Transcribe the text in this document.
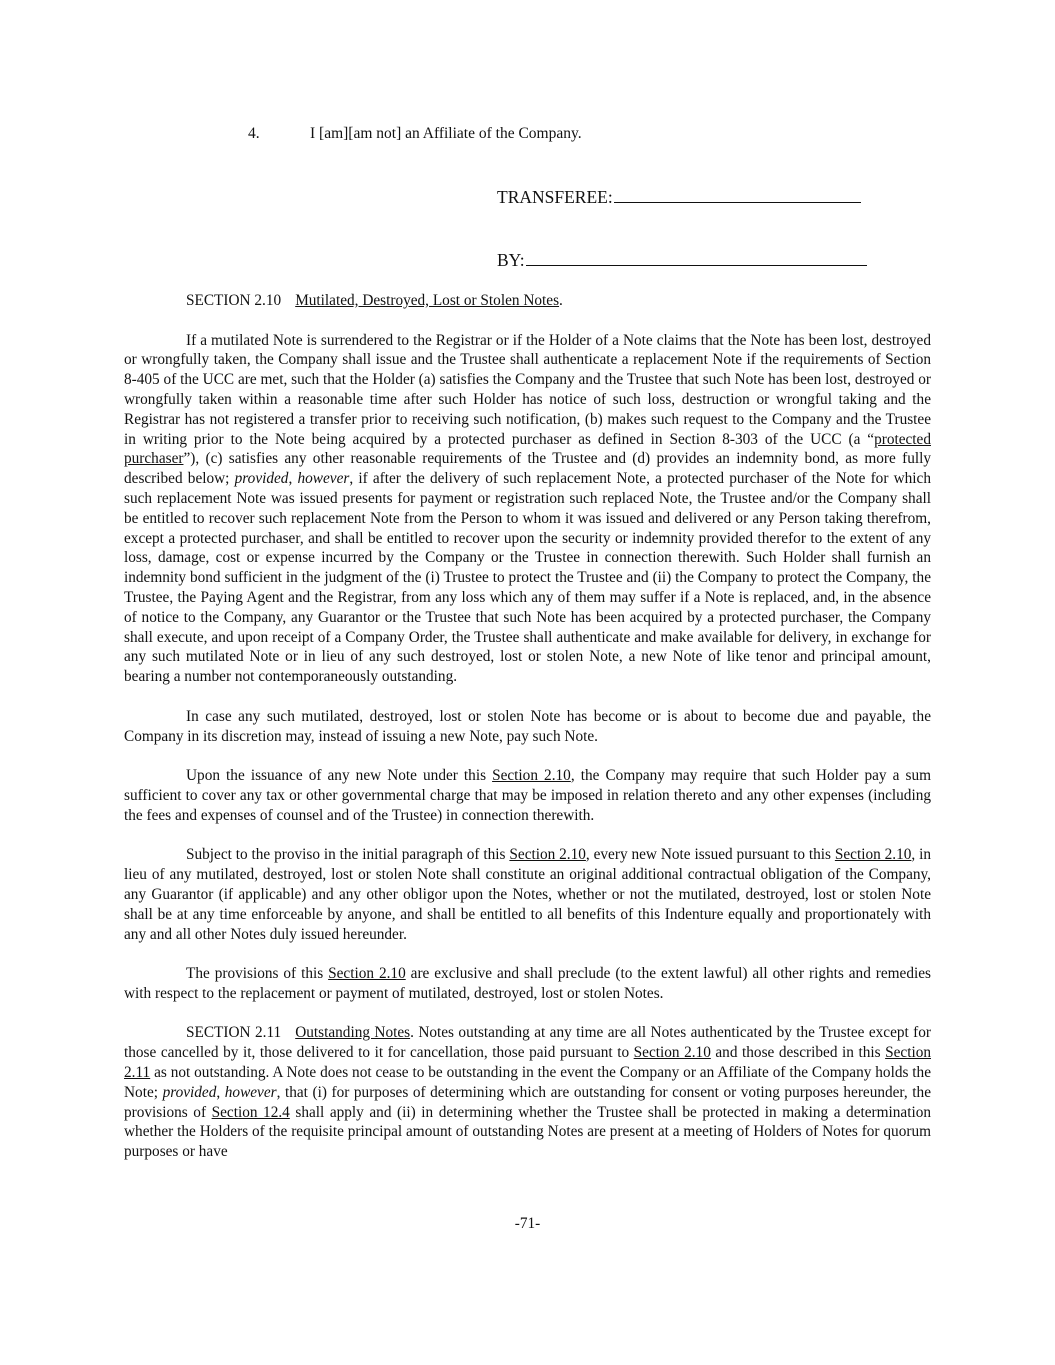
4.	I [am][am not] an Affiliate of the Company.
TRANSFEREE:
BY:

SECTION 2.10 Mutilated, Destroyed, Lost or Stolen Notes.

If a mutilated Note is surrendered to the Registrar or if the Holder of a Note claims that the Note has been lost, destroyed or wrongfully taken, the Company shall issue and the Trustee shall authenticate a replacement Note if the requirements of Section 8-405 of the UCC are met, such that the Holder (a) satisfies the Company and the Trustee that such Note has been lost, destroyed or wrongfully taken within a reasonable time after such Holder has notice of such loss, destruction or wrongful taking and the Registrar has not registered a transfer prior to receiving such notification, (b) makes such request to the Company and the Trustee in writing prior to the Note being acquired by a protected purchaser as defined in Section 8-303 of the UCC (a “protected purchaser”), (c) satisfies any other reasonable requirements of the Trustee and (d) provides an indemnity bond, as more fully described below; provided, however, if after the delivery of such replacement Note, a protected purchaser of the Note for which such replacement Note was issued presents for payment or registration such replaced Note, the Trustee and/or the Company shall be entitled to recover such replacement Note from the Person to whom it was issued and delivered or any Person taking therefrom, except a protected purchaser, and shall be entitled to recover upon the security or indemnity provided therefor to the extent of any loss, damage, cost or expense incurred by the Company or the Trustee in connection therewith. Such Holder shall furnish an indemnity bond sufficient in the judgment of the (i) Trustee to protect the Trustee and (ii) the Company to protect the Company, the Trustee, the Paying Agent and the Registrar, from any loss which any of them may suffer if a Note is replaced, and, in the absence of notice to the Company, any Guarantor or the Trustee that such Note has been acquired by a protected purchaser, the Company shall execute, and upon receipt of a Company Order, the Trustee shall authenticate and make available for delivery, in exchange for any such mutilated Note or in lieu of any such destroyed, lost or stolen Note, a new Note of like tenor and principal amount, bearing a number not contemporaneously outstanding.

In case any such mutilated, destroyed, lost or stolen Note has become or is about to become due and payable, the Company in its discretion may, instead of issuing a new Note, pay such Note.

Upon the issuance of any new Note under this Section 2.10, the Company may require that such Holder pay a sum sufficient to cover any tax or other governmental charge that may be imposed in relation thereto and any other expenses (including the fees and expenses of counsel and of the Trustee) in connection therewith.

Subject to the proviso in the initial paragraph of this Section 2.10, every new Note issued pursuant to this Section 2.10, in lieu of any mutilated, destroyed, lost or stolen Note shall constitute an original additional contractual obligation of the Company, any Guarantor (if applicable) and any other obligor upon the Notes, whether or not the mutilated, destroyed, lost or stolen Note shall be at any time enforceable by anyone, and shall be entitled to all benefits of this Indenture equally and proportionately with any and all other Notes duly issued hereunder.

The provisions of this Section 2.10 are exclusive and shall preclude (to the extent lawful) all other rights and remedies with respect to the replacement or payment of mutilated, destroyed, lost or stolen Notes.

SECTION 2.11 Outstanding Notes. Notes outstanding at any time are all Notes authenticated by the Trustee except for those cancelled by it, those delivered to it for cancellation, those paid pursuant to Section 2.10 and those described in this Section 2.11 as not outstanding. A Note does not cease to be outstanding in the event the Company or an Affiliate of the Company holds the Note; provided, however, that (i) for purposes of determining which are outstanding for consent or voting purposes hereunder, the provisions of Section 12.4 shall apply and (ii) in determining whether the Trustee shall be protected in making a determination whether the Holders of the requisite principal amount of outstanding Notes are present at a meeting of Holders of Notes for quorum purposes or have

-71-
